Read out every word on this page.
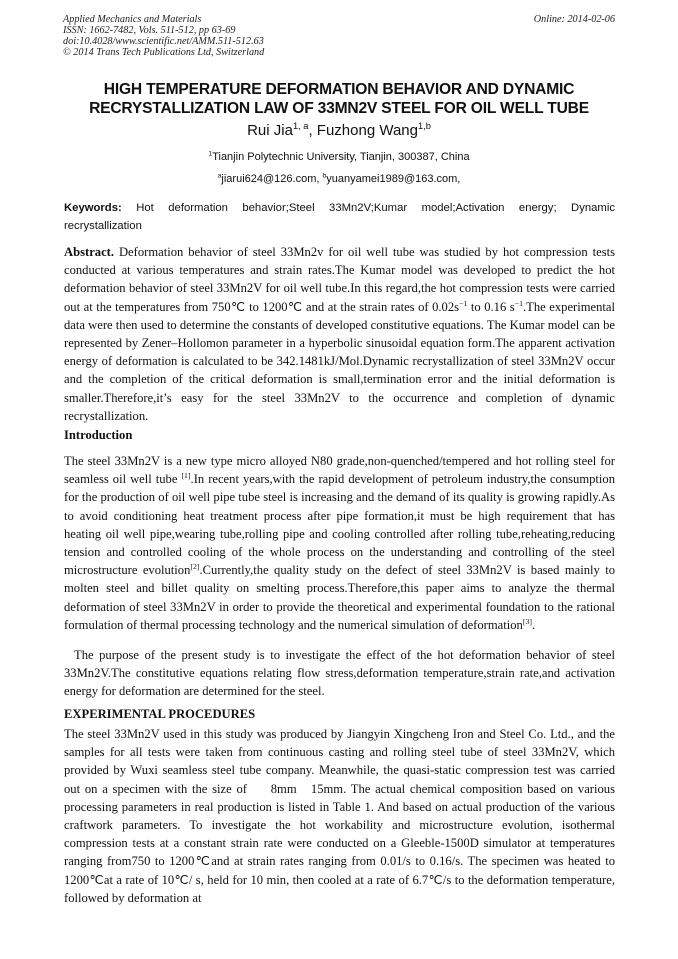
Applied Mechanics and Materials
ISSN: 1662-7482, Vols. 511-512, pp 63-69
doi:10.4028/www.scientific.net/AMM.511-512.63
© 2014 Trans Tech Publications Ltd, Switzerland
Online: 2014-02-06
HIGH TEMPERATURE DEFORMATION BEHAVIOR AND DYNAMIC
RECRYSTALLIZATION LAW OF 33MN2V STEEL FOR OIL WELL TUBE
Rui Jia$^{1, a}$, Fuzhong Wang$^{1,b}$
$^1$Tianjin Polytechnic University, Tianjin, 300387, China
$^a$jiarui624@126.com, $^b$yuanyamei1989@163.com,
Keywords: Hot deformation behavior;Steel 33Mn2V;Kumar model;Activation energy; Dynamic recrystallization

Abstract. Deformation behavior of steel 33Mn2v for oil well tube was studied by hot compression tests conducted at various temperatures and strain rates.The Kumar model was developed to predict the hot deformation behavior of steel 33Mn2V for oil well tube.In this regard,the hot compression tests were carried out at the temperatures from 750℃ to 1200℃ and at the strain rates of $0.02s^{-1}$ to 0.16 $s^{-1}.The$ experimental data were then used to determine the constants of developed constitutive equations. The Kumar model can be represented by Zener–Hollomon parameter in a hyperbolic sinusoidal equation form.The apparent activation energy of deformation is calculated to be 342.1481kJ/Mol.Dynamic recrystallization of steel 33Mn2V occur and the completion of the critical deformation is small,termination error and the initial deformation is smaller.Therefore,it’s easy for the steel 33Mn2V to the occurrence and completion of dynamic recrystallization.

Introduction

The steel 33Mn2V is a new type micro alloyed N80 grade,non-quenched/tempered and hot rolling steel for seamless oil well tube [1].In recent years,with the rapid development of petroleum industry,the consumption for the production of oil well pipe tube steel is increasing and the demand of its quality is growing rapidly.As to avoid conditioning heat treatment process after pipe formation,it must be high requirement that has heating oil well pipe,wearing tube,rolling pipe and cooling controlled after rolling tube,reheating,reducing tension and controlled cooling of the whole process on the understanding and controlling of the steel microstructure evolution[2].Currently,the quality study on the defect of steel 33Mn2V is based mainly to molten steel and billet quality on smelting process.Therefore,this paper aims to analyze the thermal deformation of steel 33Mn2V in order to provide the theoretical and experimental foundation to the rational formulation of thermal processing technology and the numerical simulation of deformation[3].

The purpose of the present study is to investigate the effect of the hot deformation behavior of steel 33Mn2V.The constitutive equations relating flow stress,deformation temperature,strain rate,and activation energy for deformation are determined for the steel.
EXPERIMENTAL PROCEDURES
The steel 33Mn2V used in this study was produced by Jiangyin Xingcheng Iron and Steel Co. Ltd., and the samples for all tests were taken from continuous casting and rolling steel tube of steel 33Mn2V, which provided by Wuxi seamless steel tube company. Meanwhile, the quasi-static compression test was carried out on a specimen with the size of     8mm   15mm. The actual chemical composition based on various processing parameters in real production is listed in Table 1. And based on actual production of the various craftwork parameters. To investigate the hot workability and microstructure evolution, isothermal compression tests at a constant strain rate were conducted on a Gleeble-1500D simulator at temperatures ranging from750 to 1200℃and at strain rates ranging from 0.01/s to 0.16/s. The specimen was heated to 1200℃at a rate of 10℃/ s, held for 10 min, then cooled at a rate of 6.7℃/s to the deformation temperature, followed by deformation at
